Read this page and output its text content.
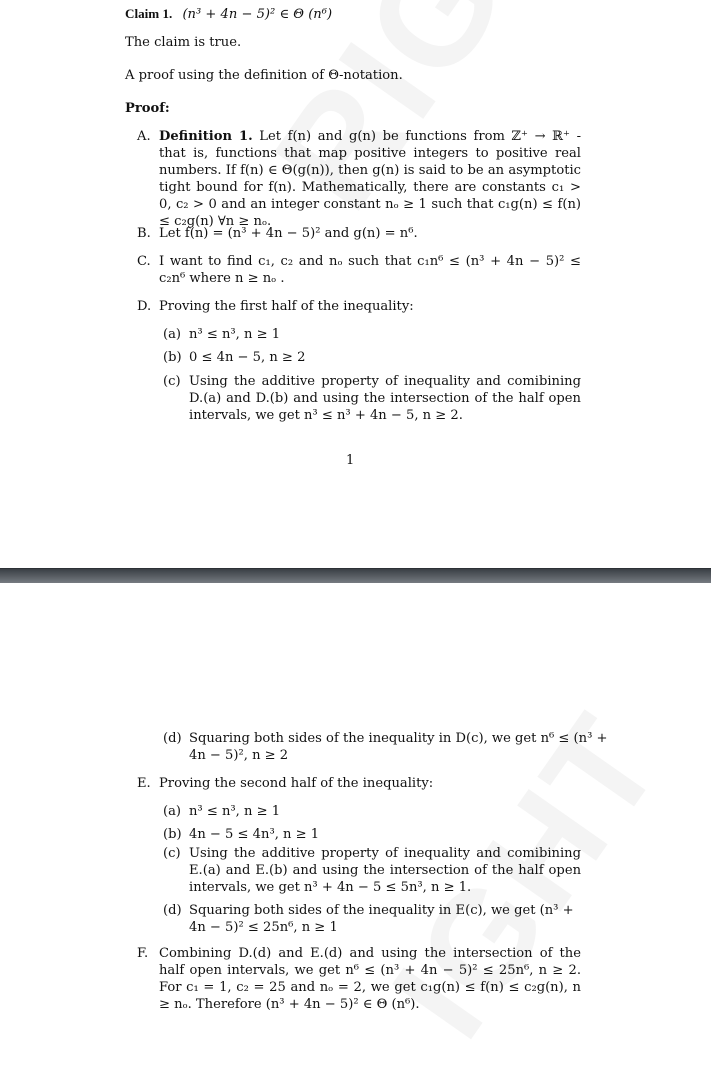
Claim 1. (n³ + 4n − 5)² ∈ Θ (n⁶)
The claim is true.
A proof using the definition of Θ-notation.
Proof:
A. Definition 1. Let f(n) and g(n) be functions from ℤ⁺ → ℝ⁺ - that is, functions that map positive integers to positive real numbers. If f(n) ∈ Θ(g(n)), then g(n) is said to be an asymptotic tight bound for f(n). Mathematically, there are constants c₁ > 0, c₂ > 0 and an integer constant nₒ ≥ 1 such that c₁g(n) ≤ f(n) ≤ c₂g(n) ∀n ≥ nₒ.
B. Let f(n) = (n³ + 4n − 5)² and g(n) = n⁶.
C. I want to find c₁, c₂ and nₒ such that c₁n⁶ ≤ (n³ + 4n − 5)² ≤ c₂n⁶ where n ≥ nₒ .
D. Proving the first half of the inequality:
(a) n³ ≤ n³, n ≥ 1
(b) 0 ≤ 4n − 5, n ≥ 2
(c) Using the additive property of inequality and comibining D.(a) and D.(b) and using the intersection of the half open intervals, we get n³ ≤ n³ + 4n − 5, n ≥ 2.
1
(d) Squaring both sides of the inequality in D(c), we get n⁶ ≤ (n³ + 4n − 5)², n ≥ 2
E. Proving the second half of the inequality:
(a) n³ ≤ n³, n ≥ 1
(b) 4n − 5 ≤ 4n³, n ≥ 1
(c) Using the additive property of inequality and comibining E.(a) and E.(b) and using the intersection of the half open intervals, we get n³ + 4n − 5 ≤ 5n³, n ≥ 1.
(d) Squaring both sides of the inequality in E(c), we get (n³ + 4n − 5)² ≤ 25n⁶, n ≥ 1
F. Combining D.(d) and E.(d) and using the intersection of the half open intervals, we get n⁶ ≤ (n³ + 4n − 5)² ≤ 25n⁶, n ≥ 2. For c₁ = 1, c₂ = 25 and nₒ = 2, we get c₁g(n) ≤ f(n) ≤ c₂g(n), n ≥ nₒ. Therefore (n³ + 4n − 5)² ∈ Θ (n⁶).
